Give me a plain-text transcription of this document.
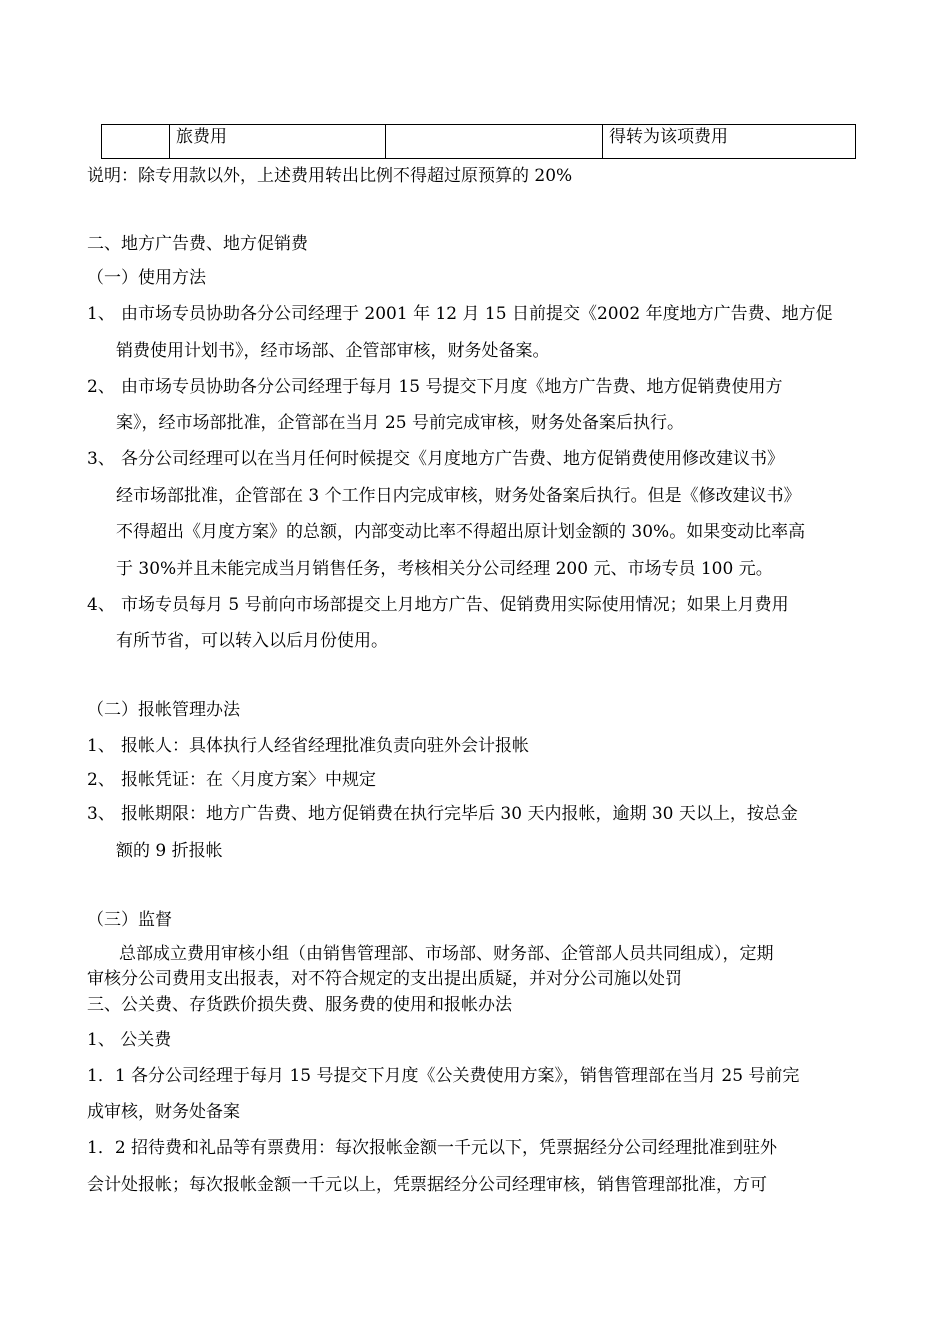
	旅费用		得转为该项费用
说明：除专用款以外，上述费用转出比例不得超过原预算的 20%
二、地方广告费、地方促销费
（一）使用方法
1、 由市场专员协助各分公司经理于 2001 年 12 月 15 日前提交《2002 年度地方广告费、地方促
销费使用计划书》，经市场部、企管部审核，财务处备案。
2、 由市场专员协助各分公司经理于每月 15 号提交下月度《地方广告费、地方促销费使用方
案》，经市场部批准，企管部在当月 25 号前完成审核，财务处备案后执行。
3、 各分公司经理可以在当月任何时候提交《月度地方广告费、地方促销费使用修改建议书》
经市场部批准，企管部在 3 个工作日内完成审核，财务处备案后执行。但是《修改建议书》
不得超出《月度方案》的总额，内部变动比率不得超出原计划金额的 30%。如果变动比率高
于 30%并且未能完成当月销售任务，考核相关分公司经理 200 元、市场专员 100 元。
4、 市场专员每月 5 号前向市场部提交上月地方广告、促销费用实际使用情况；如果上月费用
有所节省，可以转入以后月份使用。
（二）报帐管理办法
1、 报帐人：具体执行人经省经理批准负责向驻外会计报帐
2、 报帐凭证：在〈月度方案〉中规定
3、 报帐期限：地方广告费、地方促销费在执行完毕后 30 天内报帐，逾期 30 天以上，按总金
额的 9 折报帐
（三）监督
总部成立费用审核小组（由销售管理部、市场部、财务部、企管部人员共同组成），定期
审核分公司费用支出报表，对不符合规定的支出提出质疑，并对分公司施以处罚
三、公关费、存货跌价损失费、服务费的使用和报帐办法
1、 公关费
1．1 各分公司经理于每月 15 号提交下月度《公关费使用方案》，销售管理部在当月 25 号前完
成审核，财务处备案
1．2 招待费和礼品等有票费用：每次报帐金额一千元以下，凭票据经分公司经理批准到驻外
会计处报帐；每次报帐金额一千元以上，凭票据经分公司经理审核，销售管理部批准，方可
